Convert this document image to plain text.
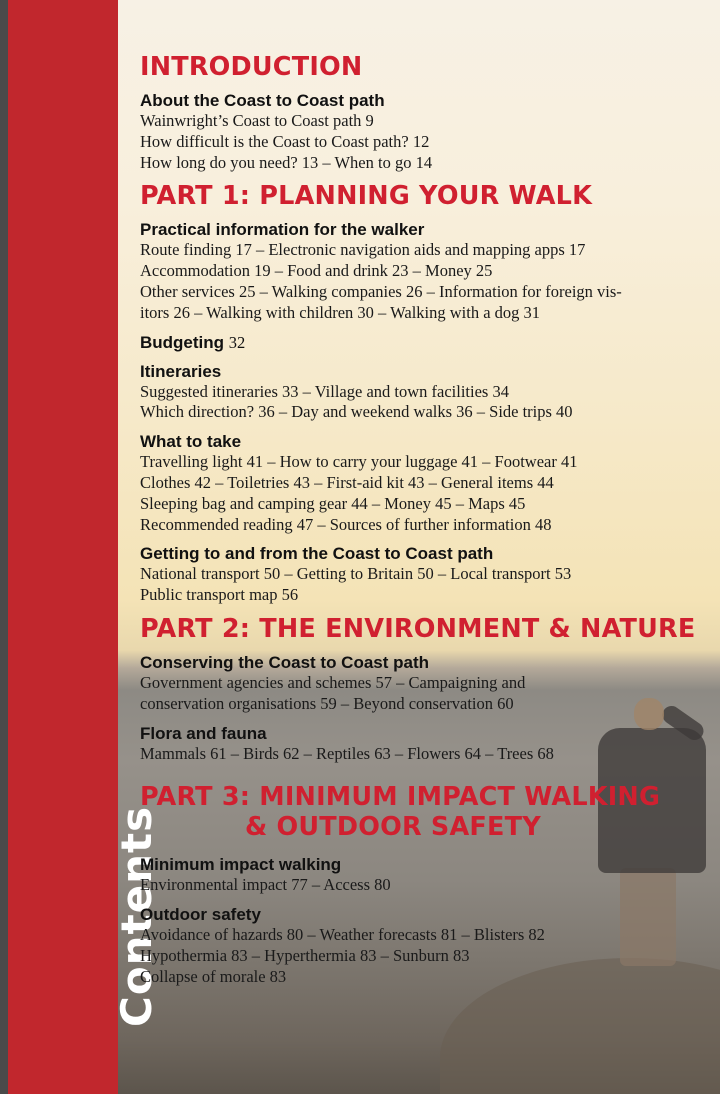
Contents
INTRODUCTION

About the Coast to Coast path

Wainwright’s Coast to Coast path 9

How difficult is the Coast to Coast path? 12

How long do you need? 13 – When to go 14

PART 1: PLANNING YOUR WALK

Practical information for the walker

Route finding 17 – Electronic navigation aids and mapping apps 17

Accommodation 19 – Food and drink 23 – Money 25

Other services 25 – Walking companies 26 – Information for foreign vis-

itors 26 – Walking with children 30 – Walking with a dog 31

Budgeting 32

Itineraries

Suggested itineraries 33 – Village and town facilities 34

Which direction? 36 – Day and weekend walks 36 – Side trips 40

What to take

Travelling light 41 – How to carry your luggage 41 – Footwear 41

Clothes 42 – Toiletries 43 – First-aid kit 43 – General items 44

Sleeping bag and camping gear 44 – Money 45 – Maps 45

Recommended reading 47 – Sources of further information 48

Getting to and from the Coast to Coast path

National transport 50 – Getting to Britain 50 – Local transport 53

Public transport map 56

PART 2: THE ENVIRONMENT & NATURE

Conserving the Coast to Coast path

Government agencies and schemes 57 – Campaigning and

conservation organisations 59 – Beyond conservation 60

Flora and fauna

Mammals 61 – Birds 62 – Reptiles 63 – Flowers 64 – Trees 68

PART 3: MINIMUM IMPACT WALKING
& OUTDOOR SAFETY

Minimum impact walking

Environmental impact 77 – Access 80

Outdoor safety

Avoidance of hazards 80 – Weather forecasts 81 – Blisters 82

Hypothermia 83 – Hyperthermia 83 – Sunburn 83

Collapse of morale 83
